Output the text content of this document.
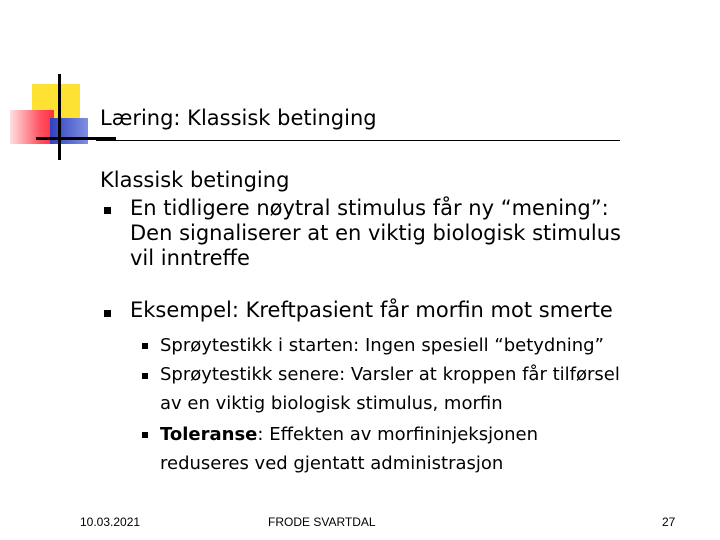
Læring: Klassisk betinging
Klassisk betinging
En tidligere nøytral stimulus får ny “mening”:
Den signaliserer at en viktig biologisk stimulus
vil inntreffe
Eksempel: Kreftpasient får morfin mot smerte
Sprøytestikk i starten: Ingen spesiell “betydning”
Sprøytestikk senere: Varsler at kroppen får tilførsel
av en viktig biologisk stimulus, morfin
Toleranse: Effekten av morfininjeksjonen
reduseres ved gjentatt administrasjon
10.03.2021	FRODE SVARTDAL	27
